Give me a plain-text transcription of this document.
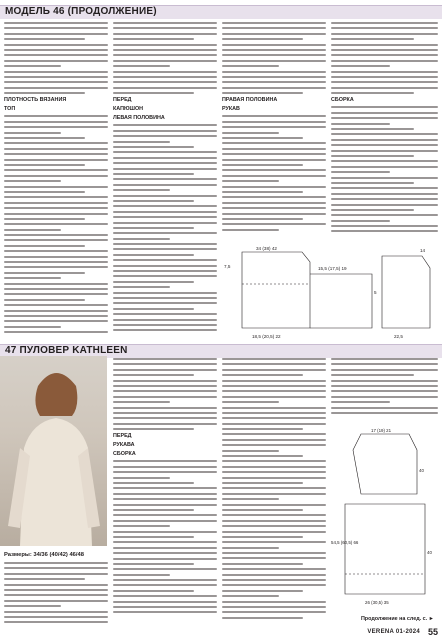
МОДЕЛЬ 46 (ПРОДОЛЖЕНИЕ)
ПЛОТНОСТЬ ВЯЗАНИЯ
ТОП
ПЕРЕД
КАПЮШОН
ЛЕВАЯ ПОЛОВИНА
ПРАВАЯ ПОЛОВИНА
РУКАВ
СБОРКА
34 (38) 42
15,5 (17,5) 19
7,5
18,5 (20,5) 22
5
22,5
14
47 ПУЛОВЕР KATHLEEN
Размеры: 34/36 (40/42) 46/48
ПЕРЕД
РУКАВА
СБОРКА
17 (19) 21
40
26 (30,5) 35
40
54,5 (60,5) 66
Продолжение на след. с. ►
VERENA 01-2024 55
